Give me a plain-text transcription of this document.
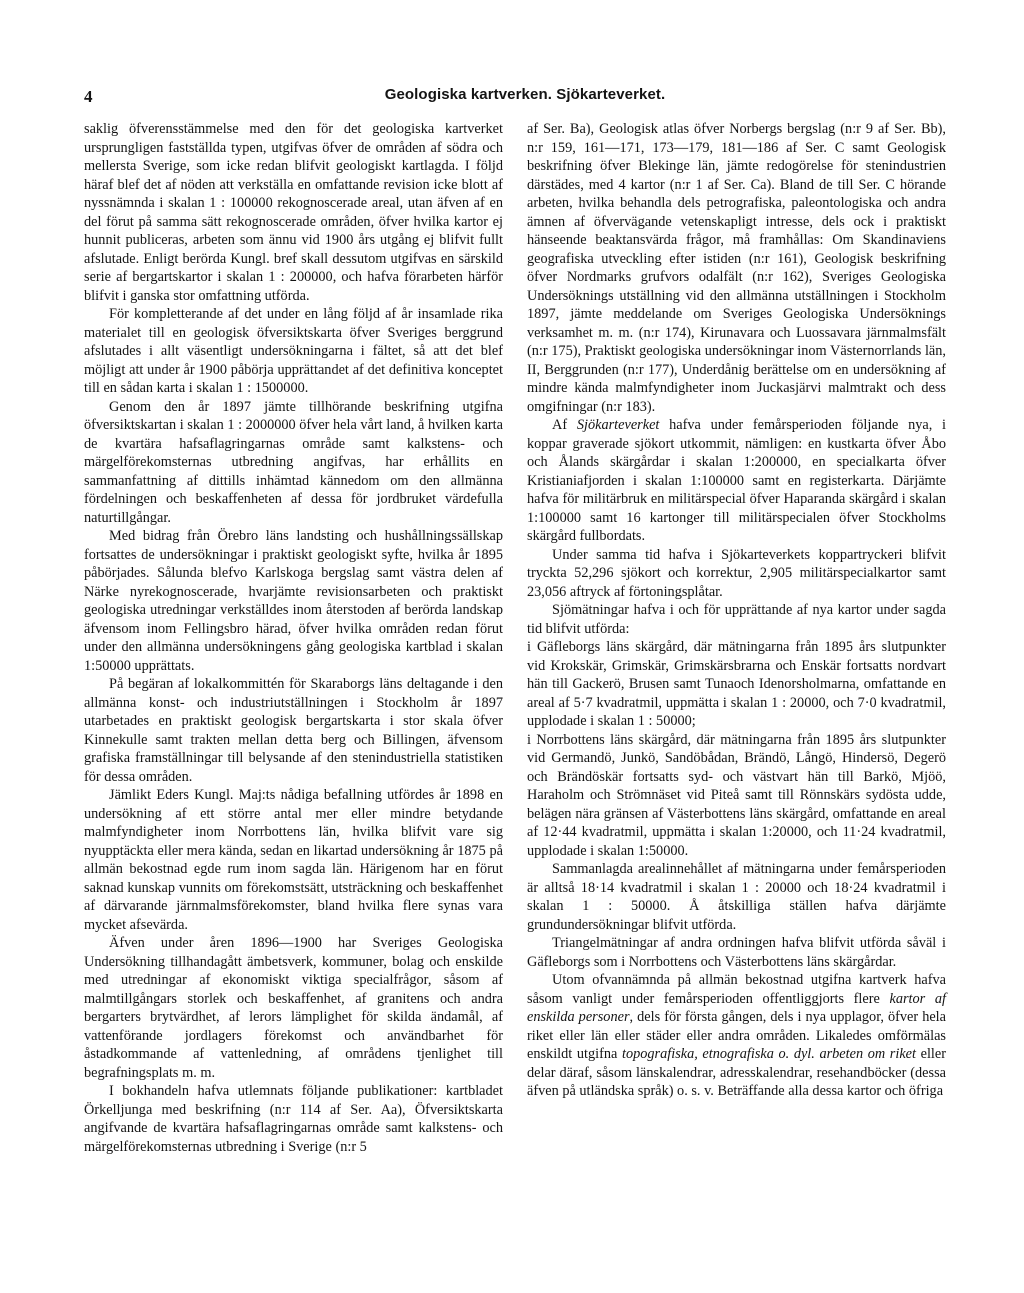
4	Geologiska kartverken. Sjökarteverket.

saklig öfverensstämmelse med den för det geologiska kartverket ursprungligen fastställda typen, utgifvas öfver de områden af södra och mellersta Sverige, som icke redan blifvit geologiskt kartlagda. I följd häraf blef det af nöden att verkställa en omfattande revision icke blott af nyssnämnda i skalan 1 : 100000 rekognoscerade areal, utan äfven af en del förut på samma sätt rekognoscerade områden, öfver hvilka kartor ej hunnit publiceras, arbeten som ännu vid 1900 års utgång ej blifvit fullt afslutade. Enligt berörda Kungl. bref skall dessutom utgifvas en särskild serie af bergartskartor i skalan 1 : 200000, och hafva förarbeten härför blifvit i ganska stor omfattning utförda.

För kompletterande af det under en lång följd af år insamlade rika materialet till en geologisk öfversiktskarta öfver Sveriges berggrund afslutades i allt väsentligt undersökningarna i fältet, så att det blef möjligt att under år 1900 påbörja upprättandet af det definitiva konceptet till en sådan karta i skalan 1 : 1500000.

Genom den år 1897 jämte tillhörande beskrifning utgifna öfversiktskartan i skalan 1 : 2000000 öfver hela vårt land, å hvilken karta de kvartära hafsaflagringarnas område samt kalkstens- och märgelförekomsternas utbredning angifvas, har erhållits en sammanfattning af dittills inhämtad kännedom om den allmänna fördelningen och beskaffenheten af dessa för jordbruket värdefulla naturtillgångar.

Med bidrag från Örebro läns landsting och hushållningssällskap fortsattes de undersökningar i praktiskt geologiskt syfte, hvilka år 1895 påbörjades. Sålunda blefvo Karlskoga bergslag samt västra delen af Närke nyrekognoscerade, hvarjämte revisionsarbeten och praktiskt geologiska utredningar verkställdes inom återstoden af berörda landskap äfvensom inom Fellingsbro härad, öfver hvilka områden redan förut under den allmänna undersökningens gång geologiska kartblad i skalan 1:50000 upprättats.

På begäran af lokalkommittén för Skaraborgs läns deltagande i den allmänna konst- och industriutställningen i Stockholm år 1897 utarbetades en praktiskt geologisk bergartskarta i stor skala öfver Kinnekulle samt trakten mellan detta berg och Billingen, äfvensom grafiska framställningar till belysande af den stenindustriella statistiken för dessa områden.

Jämlikt Eders Kungl. Maj:ts nådiga befallning utfördes år 1898 en undersökning af ett större antal mer eller mindre betydande malmfyndigheter inom Norrbottens län, hvilka blifvit vare sig nyupptäckta eller mera kända, sedan en likartad undersökning år 1875 på allmän bekostnad egde rum inom sagda län. Härigenom har en förut saknad kunskap vunnits om förekomstsätt, utsträckning och beskaffenhet af därvarande järnmalmsförekomster, bland hvilka flere synas vara mycket afsevärda.

Äfven under åren 1896—1900 har Sveriges Geologiska Undersökning tillhandagått ämbetsverk, kommuner, bolag och enskilde med utredningar af ekonomiskt viktiga specialfrågor, såsom af malmtillgångars storlek och beskaffenhet, af granitens och andra bergarters brytvärdhet, af lerors lämplighet för skilda ändamål, af vattenförande jordlagers förekomst och användbarhet för åstadkommande af vattenledning, af områdens tjenlighet till begrafningsplats m. m.

I bokhandeln hafva utlemnats följande publikationer: kartbladet Örkelljunga med beskrifning (n:r 114 af Ser. Aa), Öfversiktskarta angifvande de kvartära hafsaflagringarnas område samt kalkstens- och märgelförekomsternas utbredning i Sverige (n:r 5

af Ser. Ba), Geologisk atlas öfver Norbergs bergslag (n:r 9 af Ser. Bb), n:r 159, 161—171, 173—179, 181—186 af Ser. C samt Geologisk beskrifning öfver Blekinge län, jämte redogörelse för stenindustrien därstädes, med 4 kartor (n:r 1 af Ser. Ca). Bland de till Ser. C hörande arbeten, hvilka behandla dels petrografiska, paleontologiska och andra ämnen af öfvervägande vetenskapligt intresse, dels ock i praktiskt hänseende beaktansvärda frågor, må framhållas: Om Skandinaviens geografiska utveckling efter istiden (n:r 161), Geologisk beskrifning öfver Nordmarks grufvors odalfält (n:r 162), Sveriges Geologiska Undersöknings utställning vid den allmänna utställningen i Stockholm 1897, jämte meddelande om Sveriges Geologiska Undersöknings verksamhet m. m. (n:r 174), Kirunavara och Luossavara järnmalmsfält (n:r 175), Praktiskt geologiska undersökningar inom Västernorrlands län, II, Berggrunden (n:r 177), Underdånig berättelse om en undersökning af mindre kända malmfyndigheter inom Juckasjärvi malmtrakt och dess omgifningar (n:r 183).

Af Sjökarteverket hafva under femårsperioden följande nya, i koppar graverade sjökort utkommit, nämligen: en kustkarta öfver Åbo och Ålands skärgårdar i skalan 1:200000, en specialkarta öfver Kristianiafjorden i skalan 1:100000 samt en registerkarta. Därjämte hafva för militärbruk en militärspecial öfver Haparanda skärgård i skalan 1:100000 samt 16 kartonger till militärspecialen öfver Stockholms skärgård fullbordats.

Under samma tid hafva i Sjökarteverkets koppartryckeri blifvit tryckta 52,296 sjökort och korrektur, 2,905 militärspecialkartor samt 23,056 aftryck af förtoningsplåtar.

Sjömätningar hafva i och för upprättande af nya kartor under sagda tid blifvit utförda:

i Gäfleborgs läns skärgård, där mätningarna från 1895 års slutpunkter vid Krokskär, Grimskär, Grimskärsbrarna och Enskär fortsatts nordvart hän till Gackerö, Brusen samt Tunaoch Idenorsholmarna, omfattande en areal af 5·7 kvadratmil, uppmätta i skalan 1 : 20000, och 7·0 kvadratmil, upplodade i skalan 1 : 50000;

i Norrbottens läns skärgård, där mätningarna från 1895 års slutpunkter vid Germandö, Junkö, Sandöbådan, Brändö, Långö, Hindersö, Degerö och Brändöskär fortsatts syd- och västvart hän till Barkö, Mjöö, Haraholm och Strömnäset vid Piteå samt till Rönnskärs sydösta udde, belägen nära gränsen af Västerbottens läns skärgård, omfattande en areal af 12·44 kvadratmil, uppmätta i skalan 1:20000, och 11·24 kvadratmil, upplodade i skalan 1:50000.

Sammanlagda arealinnehållet af mätningarna under femårsperioden är alltså 18·14 kvadratmil i skalan 1 : 20000 och 18·24 kvadratmil i skalan 1 : 50000. Å åtskilliga ställen hafva därjämte grundundersökningar blifvit utförda.

Triangelmätningar af andra ordningen hafva blifvit utförda såväl i Gäfleborgs som i Norrbottens och Västerbottens läns skärgårdar.

Utom ofvannämnda på allmän bekostnad utgifna kartverk hafva såsom vanligt under femårsperioden offentliggjorts flere kartor af enskilda personer, dels för första gången, dels i nya upplagor, öfver hela riket eller län eller städer eller andra områden. Likaledes omförmälas enskildt utgifna topografiska, etnografiska o. dyl. arbeten om riket eller delar däraf, såsom länskalendrar, adresskalendrar, resehandböcker (dessa äfven på utländska språk) o. s. v. Beträffande alla dessa kartor och öfriga
